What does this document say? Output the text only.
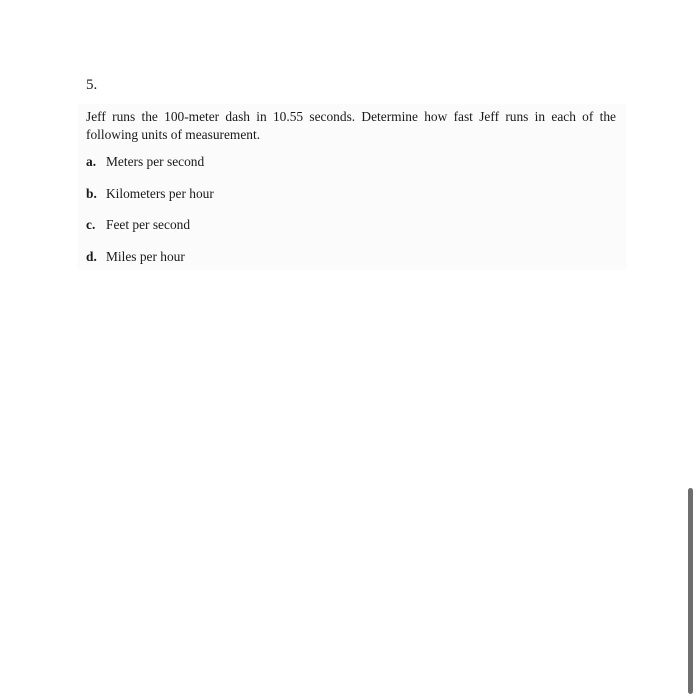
5.
Jeff runs the 100-meter dash in 10.55 seconds. Determine how fast Jeff runs in each of the following units of measurement.
a. Meters per second
b. Kilometers per hour
c. Feet per second
d. Miles per hour
